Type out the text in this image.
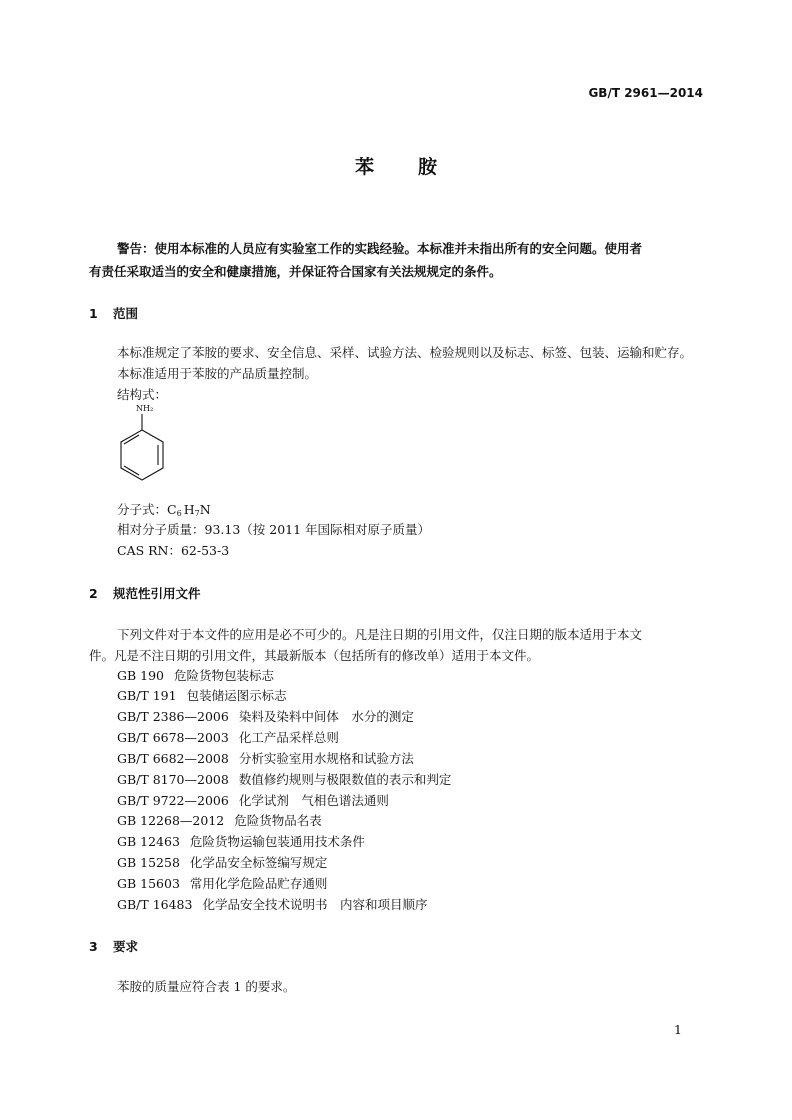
GB/T 2961—2014
苯 胺
警告：使用本标准的人员应有实验室工作的实践经验。本标准并未指出所有的安全问题。使用者
有责任采取适当的安全和健康措施，并保证符合国家有关法规规定的条件。
1 范围
本标准规定了苯胺的要求、安全信息、采样、试验方法、检验规则以及标志、标签、包装、运输和贮存。
本标准适用于苯胺的产品质量控制。
结构式：
NH₂
分子式：$C_6$ $H_7N$
相对分子质量：93.13（按 2011 年国际相对原子质量）
CAS RN：62-53-3
2 规范性引用文件
下列文件对于本文件的应用是必不可少的。凡是注日期的引用文件，仅注日期的版本适用于本文
件。凡是不注日期的引用文件，其最新版本（包括所有的修改单）适用于本文件。
GB 190 危险货物包装标志
GB/T 191 包装储运图示标志
GB/T 2386—2006 染料及染料中间体　水分的测定
GB/T 6678—2003 化工产品采样总则
GB/T 6682—2008 分析实验室用水规格和试验方法
GB/T 8170—2008 数值修约规则与极限数值的表示和判定
GB/T 9722—2006 化学试剂　气相色谱法通则
GB 12268—2012 危险货物品名表
GB 12463 危险货物运输包装通用技术条件
GB 15258 化学品安全标签编写规定
GB 15603 常用化学危险品贮存通则
GB/T 16483 化学品安全技术说明书　内容和项目顺序
3 要求
苯胺的质量应符合表 1 的要求。
1
